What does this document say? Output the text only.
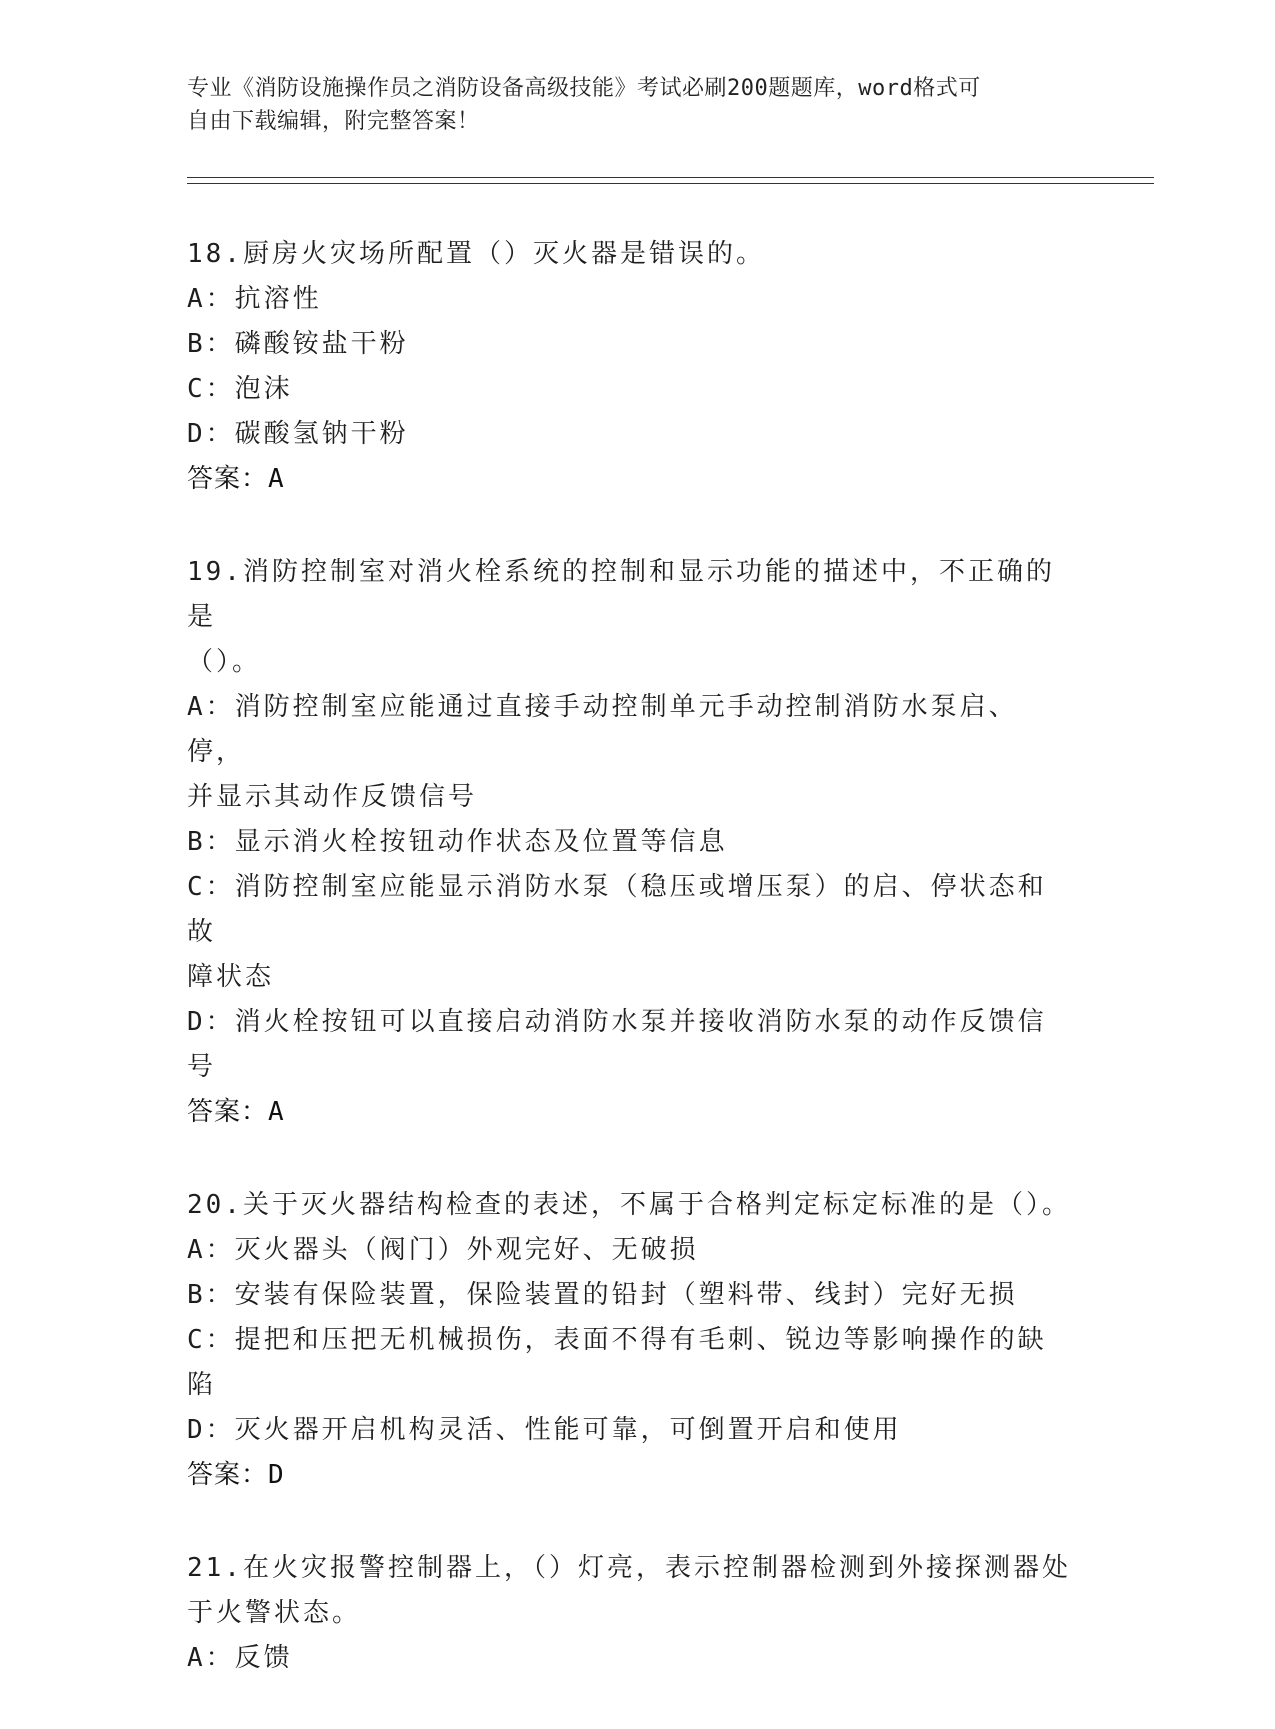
专业《消防设施操作员之消防设备高级技能》考试必刷200题题库，word格式可
自由下载编辑，附完整答案！
18.厨房火灾场所配置（）灭火器是错误的。
A：抗溶性
B：磷酸铵盐干粉
C：泡沫
D：碳酸氢钠干粉
答案：A
19.消防控制室对消火栓系统的控制和显示功能的描述中，不正确的是
（）。
A：消防控制室应能通过直接手动控制单元手动控制消防水泵启、停，
并显示其动作反馈信号
B：显示消火栓按钮动作状态及位置等信息
C：消防控制室应能显示消防水泵（稳压或增压泵）的启、停状态和故
障状态
D：消火栓按钮可以直接启动消防水泵并接收消防水泵的动作反馈信号
答案：A
20.关于灭火器结构检查的表述，不属于合格判定标定标准的是（）。
A：灭火器头（阀门）外观完好、无破损
B：安装有保险装置，保险装置的铅封（塑料带、线封）完好无损
C：提把和压把无机械损伤，表面不得有毛刺、锐边等影响操作的缺陷
D：灭火器开启机构灵活、性能可靠，可倒置开启和使用
答案：D
21.在火灾报警控制器上，（）灯亮，表示控制器检测到外接探测器处
于火警状态。
A：反馈
